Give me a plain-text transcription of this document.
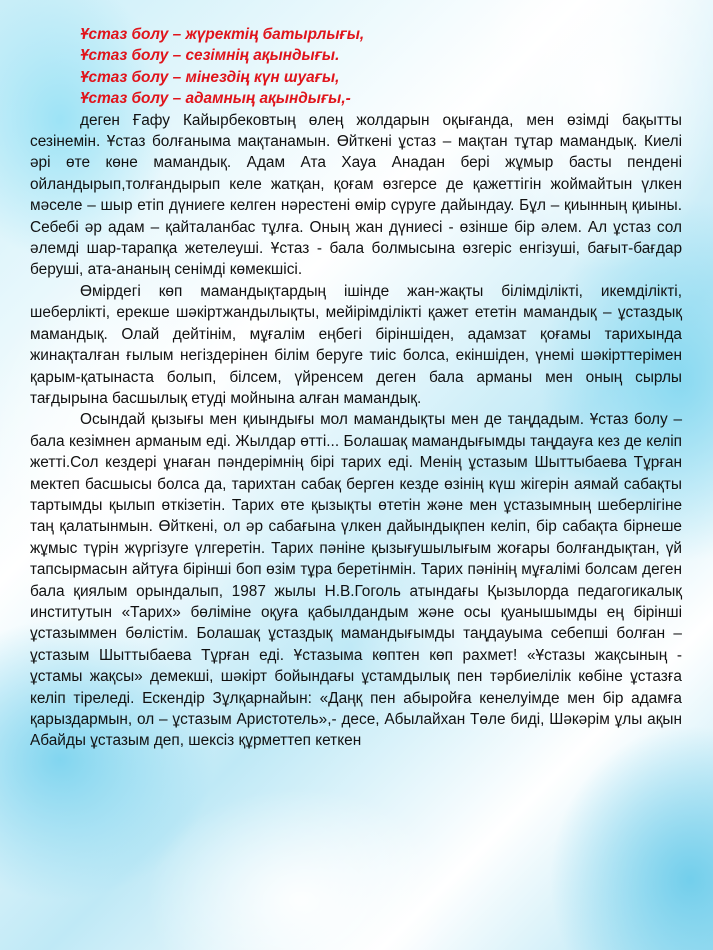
Ұстаз болу – жүректің батырлығы,
Ұстаз болу – сезімнің ақындығы.
Ұстаз болу – мінездің күн шуағы,
Ұстаз болу – адамның ақындығы,-

деген Ғафу Кайырбековтың өлең жолдарын оқығанда, мен өзімді бақытты сезінемін. Ұстаз болғаныма мақтанамын. Өйткені ұстаз – мақтан тұтар мамандық. Киелі әрі өте көне мамандық. Адам Ата Хауа Анадан бері жұмыр басты пендені ойландырып,толғандырып келе жатқан, қоғам өзгерсе де қажеттігін жоймайтын үлкен мәселе – шыр етіп дүниеге келген нәрестені өмір сүруге дайындау. Бұл – қиынның қиыны. Себебі әр адам – қайталанбас тұлға. Оның жан дүниесі - өзінше бір әлем. Ал ұстаз сол әлемді шар-тарапқа жетелеуші. Ұстаз - бала болмысына өзгеріс енгізуші, бағыт-бағдар беруші, ата-ананың сенімді көмекшісі.

Өмірдегі көп мамандықтардың ішінде жан-жақты білімділікті, икемділікті, шеберлікті, ерекше шәкіртжандылықты, мейірімділікті қажет ететін мамандық – ұстаздық мамандық. Олай дейтінім, мұғалім еңбегі біріншіден, адамзат қоғамы тарихында жинақталған ғылым негіздерінен білім беруге тиіс болса, екіншіден, үнемі шәкірттерімен қарым-қатынаста болып, білсем, үйренсем деген бала арманы мен оның сырлы тағдырына басшылық етуді мойнына алған мамандық.

Осындай қызығы мен қиындығы мол мамандықты мен де таңдадым. Ұстаз болу – бала кезімнен арманым еді. Жылдар өтті... Болашақ мамандығымды таңдауға кез де келіп жетті.Сол кездері ұнаған пәндерімнің бірі тарих еді. Менің ұстазым Шыттыбаева Тұрған мектеп басшысы болса да, тарихтан сабақ берген кезде өзінің күш жігерін аямай сабақты тартымды қылып өткізетін. Тарих өте қызықты өтетін және мен ұстазымның шеберлігіне таң қалатынмын. Өйткені, ол әр сабағына үлкен дайындықпен келіп, бір сабақта бірнеше жұмыс түрін жүргізуге үлгеретін. Тарих пәніне қызығушылығым жоғары болғандықтан, үй тапсырмасын айтуға бірінші боп өзім тұра беретінмін. Тарих пәнінің мұғалімі болсам деген бала қиялым орындалып, 1987 жылы Н.В.Гоголь атындағы Қызылорда педагогикалық институтын «Тарих» бөліміне оқуға қабылдандым және осы қуанышымды ең бірінші ұстазыммен бөлістім. Болашақ ұстаздық мамандығымды таңдауыма себепші болған – ұстазым Шыттыбаева Тұрған еді. Ұстазыма көптен көп рахмет! «Ұстазы жақсының - ұстамы жақсы» демекші, шәкірт бойындағы ұстамдылық пен тәрбиелілік көбіне ұстазға келіп тіреледі. Ескендір Зұлқарнайын: «Даңқ пен абыройға кенелуімде мен бір адамға қарыздармын, ол – ұстазым Аристотель»,- десе, Абылайхан Төле биді, Шәкәрім ұлы ақын Абайды ұстазым деп, шексіз құрметтеп кеткен
